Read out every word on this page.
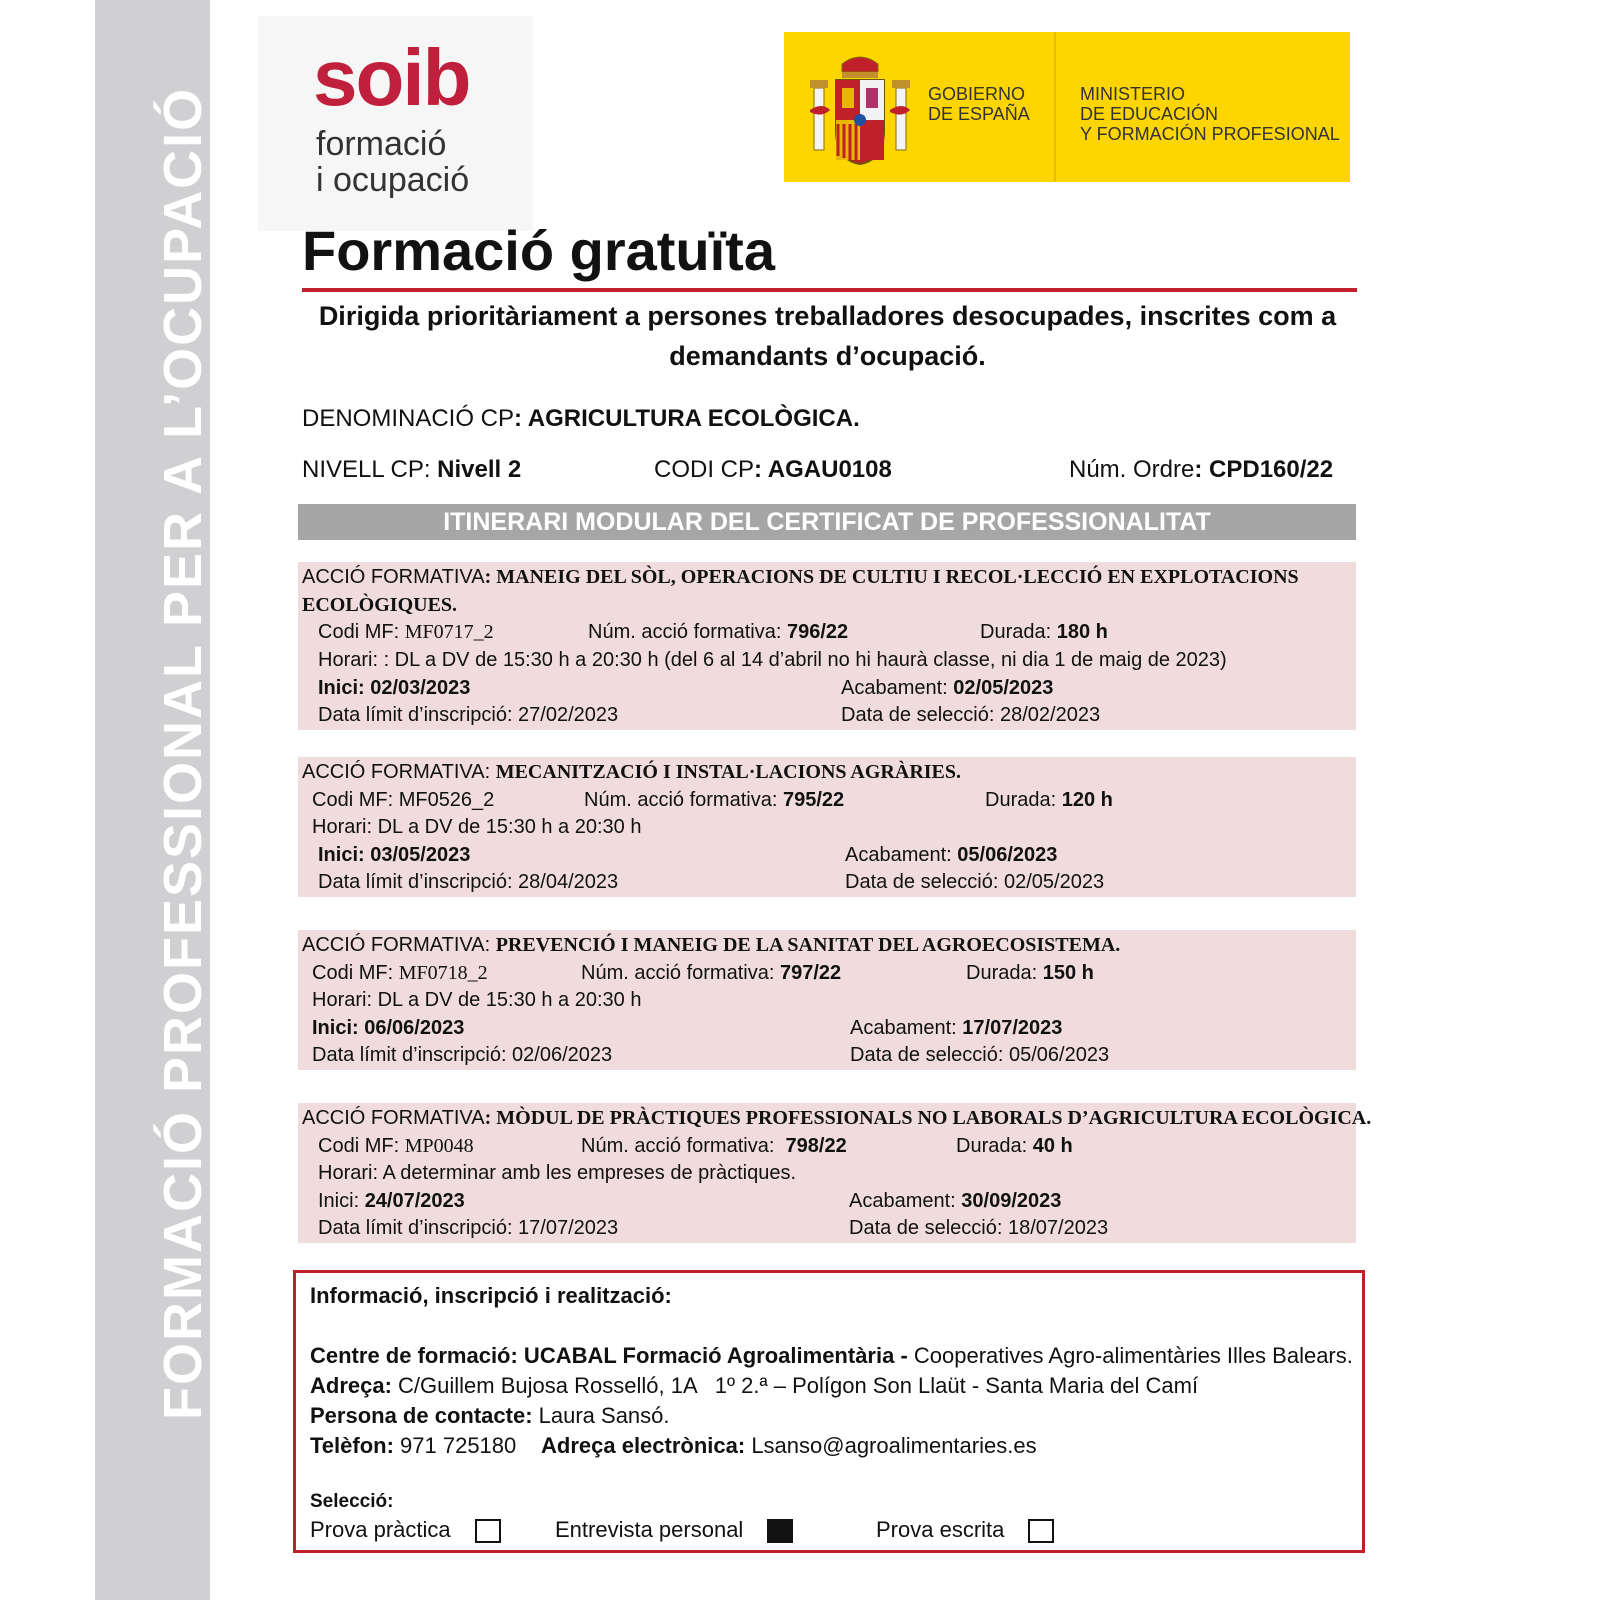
FORMACIÓ PROFESSIONAL PER A L’OCUPACIÓ
soib
formació
i ocupació
GOBIERNO
DE ESPAÑA
MINISTERIO
DE EDUCACIÓN
Y FORMACIÓN PROFESIONAL
Formació gratuïta
Dirigida prioritàriament a persones treballadores desocupades, inscrites com a demandants d’ocupació.
DENOMINACIÓ CP: AGRICULTURA ECOLÒGICA.
NIVELL CP: Nivell 2	CODI CP: AGAU0108	Núm. Ordre: CPD160/22
ITINERARI MODULAR DEL CERTIFICAT DE PROFESSIONALITAT
ACCIÓ FORMATIVA: MANEIG DEL SÒL, OPERACIONS DE CULTIU I RECOL·LECCIÓ EN EXPLOTACIONS
ECOLÒGIQUES.
Codi MF: MF0717_2	Núm. acció formativa: 796/22	Durada: 180 h
Horari: : DL a DV de 15:30 h a 20:30 h (del 6 al 14 d’abril no hi haurà classe, ni dia 1 de maig de 2023)
Inici: 02/03/2023	Acabament: 02/05/2023
Data límit d’inscripció: 27/02/2023	Data de selecció: 28/02/2023
ACCIÓ FORMATIVA: MECANITZACIÓ I INSTAL·LACIONS AGRÀRIES.
Codi MF: MF0526_2	Núm. acció formativa: 795/22	Durada: 120 h
Horari: DL a DV de 15:30 h a 20:30 h
Inici: 03/05/2023	Acabament: 05/06/2023
Data límit d’inscripció: 28/04/2023	Data de selecció: 02/05/2023
ACCIÓ FORMATIVA: PREVENCIÓ I MANEIG DE LA SANITAT DEL AGROECOSISTEMA.
Codi MF: MF0718_2	Núm. acció formativa: 797/22	Durada: 150 h
Horari: DL a DV de 15:30 h a 20:30 h
Inici: 06/06/2023	Acabament: 17/07/2023
Data límit d’inscripció: 02/06/2023	Data de selecció: 05/06/2023
ACCIÓ FORMATIVA: MÒDUL DE PRÀCTIQUES PROFESSIONALS NO LABORALS D’AGRICULTURA ECOLÒGICA.
Codi MF: MP0048	Núm. acció formativa:  798/22	Durada: 40 h
Horari: A determinar amb les empreses de pràctiques.
Inici: 24/07/2023	Acabament: 30/09/2023
Data límit d’inscripció: 17/07/2023	Data de selecció: 18/07/2023
Informació, inscripció i realització:
Centre de formació: UCABAL Formació Agroalimentària - Cooperatives Agro-alimentàries Illes Balears.
Adreça: C/Guillem Bujosa Rosselló, 1A   1º 2.ª – Polígon Son Llaüt - Santa Maria del Camí
Persona de contacte: Laura Sansó.
Telèfon: 971 725180 Adreça electrònica: Lsanso@agroalimentaries.es
Selecció:
Prova pràctica	Entrevista personal	Prova escrita
